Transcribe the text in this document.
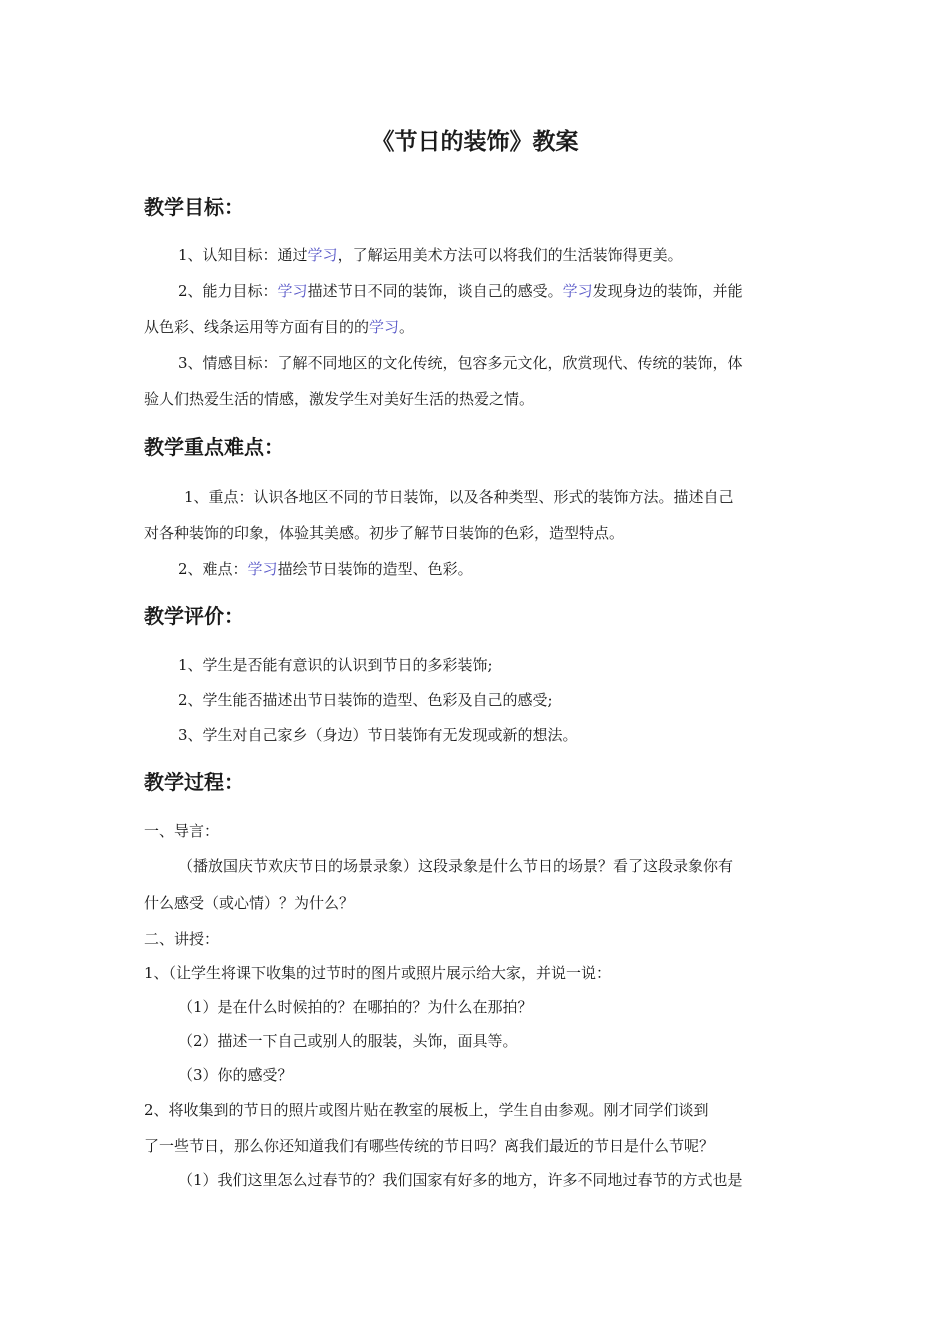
《节日的装饰》教案
教学目标：
1、认知目标：通过学习，了解运用美术方法可以将我们的生活装饰得更美。
2、能力目标：学习描述节日不同的装饰，谈自己的感受。学习发现身边的装饰，并能
从色彩、线条运用等方面有目的的学习。
3、情感目标：了解不同地区的文化传统，包容多元文化，欣赏现代、传统的装饰，体
验人们热爱生活的情感，激发学生对美好生活的热爱之情。
教学重点难点：
1、重点：认识各地区不同的节日装饰，以及各种类型、形式的装饰方法。描述自己
对各种装饰的印象，体验其美感。初步了解节日装饰的色彩，造型特点。
2、难点：学习描绘节日装饰的造型、色彩。
教学评价：
1、学生是否能有意识的认识到节日的多彩装饰;
2、学生能否描述出节日装饰的造型、色彩及自己的感受;
3、学生对自己家乡（身边）节日装饰有无发现或新的想法。
教学过程：
一、导言：
（播放国庆节欢庆节日的场景录象）这段录象是什么节日的场景？看了这段录象你有
什么感受（或心情）？为什么？
二、讲授：
1、（让学生将课下收集的过节时的图片或照片展示给大家，并说一说：
（1）是在什么时候拍的？在哪拍的？为什么在那拍？
（2）描述一下自己或别人的服装，头饰，面具等。
（3）你的感受？
2、将收集到的节日的照片或图片贴在教室的展板上，学生自由参观。刚才同学们谈到
了一些节日，那么你还知道我们有哪些传统的节日吗？离我们最近的节日是什么节呢？
（1）我们这里怎么过春节的？我们国家有好多的地方，许多不同地过春节的方式也是
